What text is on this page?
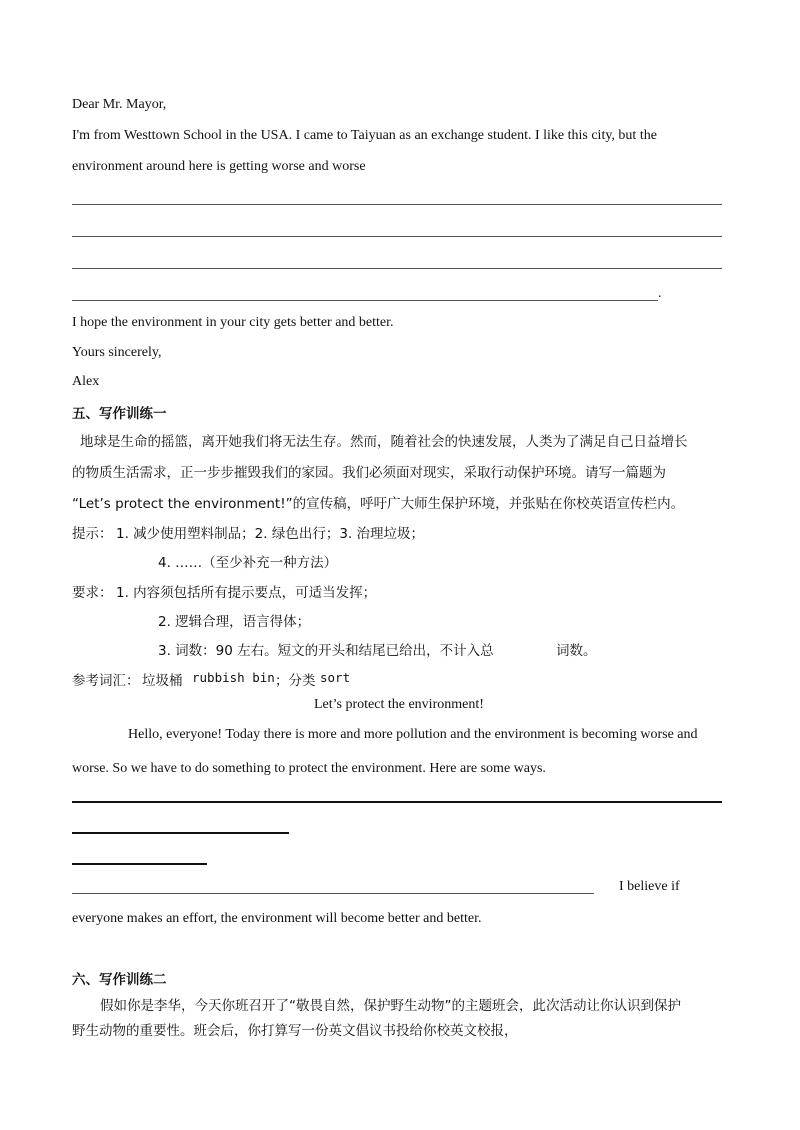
Dear Mr. Mayor,
I'm from Westtown School in the USA. I came to Taiyuan as an exchange student. I like this city, but the
environment around here is getting worse and worse
.
I hope the environment in your city gets better and better.
Yours sincerely,
Alex
五、写作训练一
地球是生命的摇篮，离开她我们将无法生存。然而，随着社会的快速发展，人类为了满足自己日益增长
的物质生活需求，正一步步摧毁我们的家园。我们必须面对现实，采取行动保护环境。请写一篇题为
“Let’s protect the environment!”的宣传稿，呼吁广大师生保护环境，并张贴在你校英语宣传栏内。
提示： 1. 减少使用塑料制品；2. 绿色出行；3. 治理垃圾；
4. ……（至少补充一种方法）
要求： 1. 内容须包括所有提示要点，可适当发挥；
2. 逻辑合理，语言得体；
3. 词数：90 左右。短文的开头和结尾已给出，不计入总	词数。
参考词汇： 垃圾桶 rubbish bin ；分类 sort
Let’s protect the environment!
Hello, everyone! Today there is more and more pollution and the environment is becoming worse and
worse. So we have to do something to protect the environment. Here are some ways.
I believe if
everyone makes an effort, the environment will become better and better.
六、写作训练二
假如你是李华，今天你班召开了“敬畏自然，保护野生动物”的主题班会，此次活动让你认识到保护
野生动物的重要性。班会后，你打算写一份英文倡议书投给你校英文校报，
